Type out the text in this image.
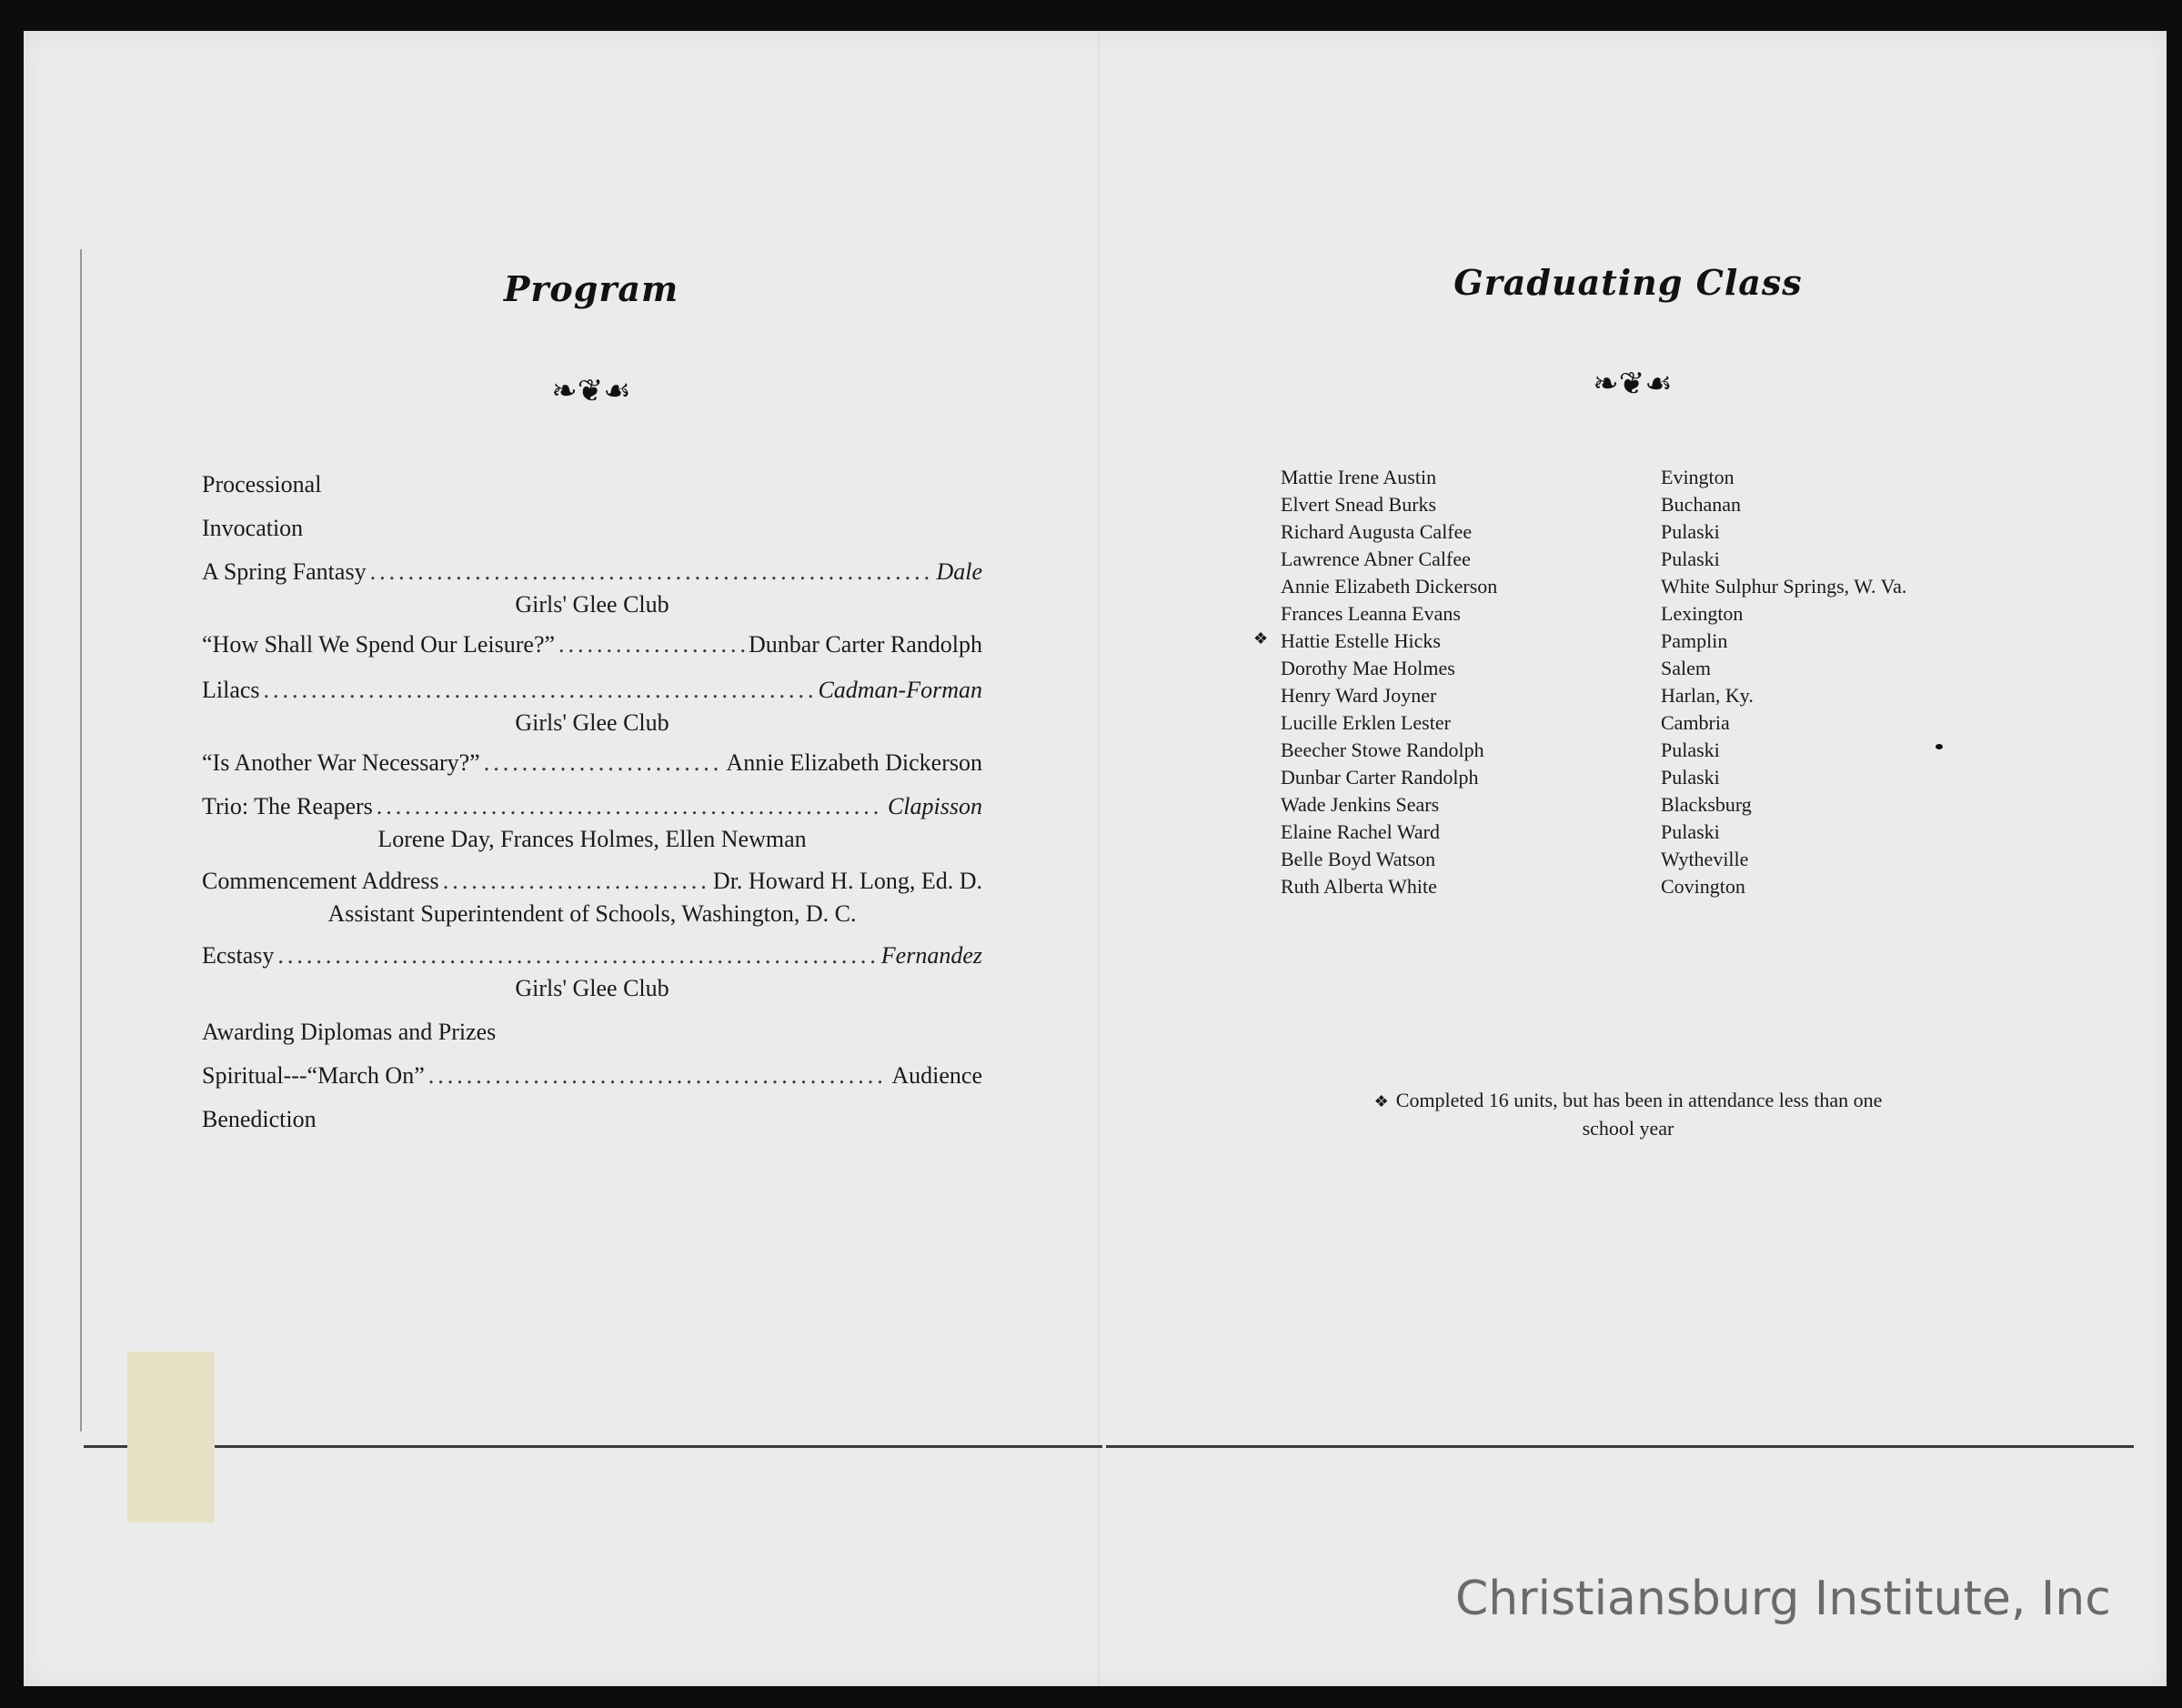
Program
❧❦☙
Processional
Invocation
A Spring Fantasy .....	Dale
Girls' Glee Club
“How Shall We Spend Our Leisure?” .....	Dunbar Carter Randolph
Lilacs .....	Cadman-Forman
Girls' Glee Club
“Is Another War Necessary?” .....	Annie Elizabeth Dickerson
Trio: The Reapers .....	Clapisson
Lorene Day, Frances Holmes, Ellen Newman
Commencement Address .....	Dr. Howard H. Long, Ed. D.
Assistant Superintendent of Schools, Washington, D. C.
Ecstasy .....	Fernandez
Girls' Glee Club
Awarding Diplomas and Prizes
Spiritual---“March On” .....	Audience
Benediction
Graduating Class
❧❦☙
Mattie Irene Austin	Evington
Elvert Snead Burks	Buchanan
Richard Augusta Calfee	Pulaski
Lawrence Abner Calfee	Pulaski
Annie Elizabeth Dickerson	White Sulphur Springs, W. Va.
Frances Leanna Evans	Lexington
❖ Hattie Estelle Hicks	Pamplin
Dorothy Mae Holmes	Salem
Henry Ward Joyner	Harlan, Ky.
Lucille Erklen Lester	Cambria
Beecher Stowe Randolph	Pulaski
Dunbar Carter Randolph	Pulaski
Wade Jenkins Sears	Blacksburg
Elaine Rachel Ward	Pulaski
Belle Boyd Watson	Wytheville
Ruth Alberta White	Covington
❖ Completed 16 units, but has been in attendance less than one
school year
Christiansburg Institute, Inc
